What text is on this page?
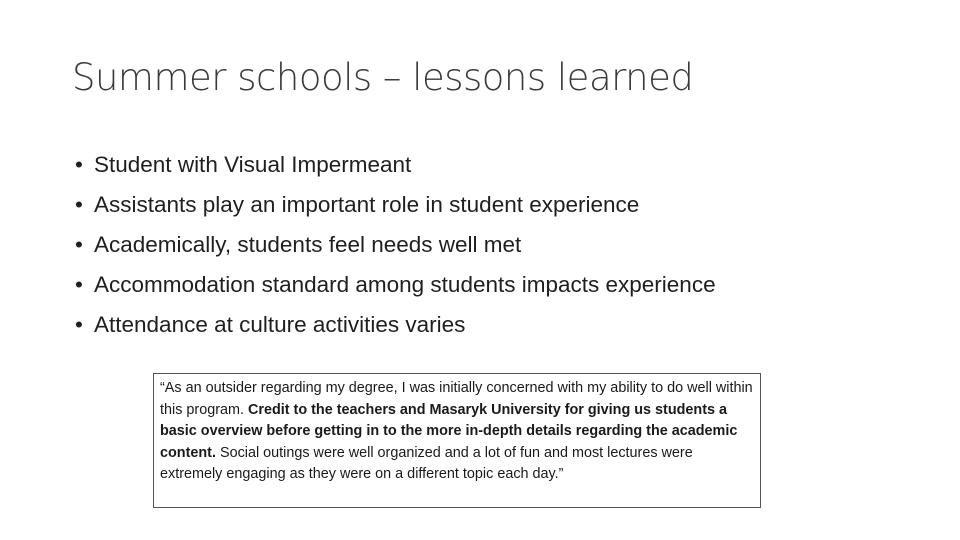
Summer schools – lessons learned
• Student with Visual Impermeant
• Assistants play an important role in student experience
• Academically, students feel needs well met
• Accommodation standard among students impacts experience
• Attendance at culture activities varies

“As an outsider regarding my degree, I was initially concerned with my ability to do well within this program. Credit to the teachers and Masaryk University for giving us students a basic overview before getting in to the more in-depth details regarding the academic content. Social outings were well organized and a lot of fun and most lectures were extremely engaging as they were on a different topic each day.”
